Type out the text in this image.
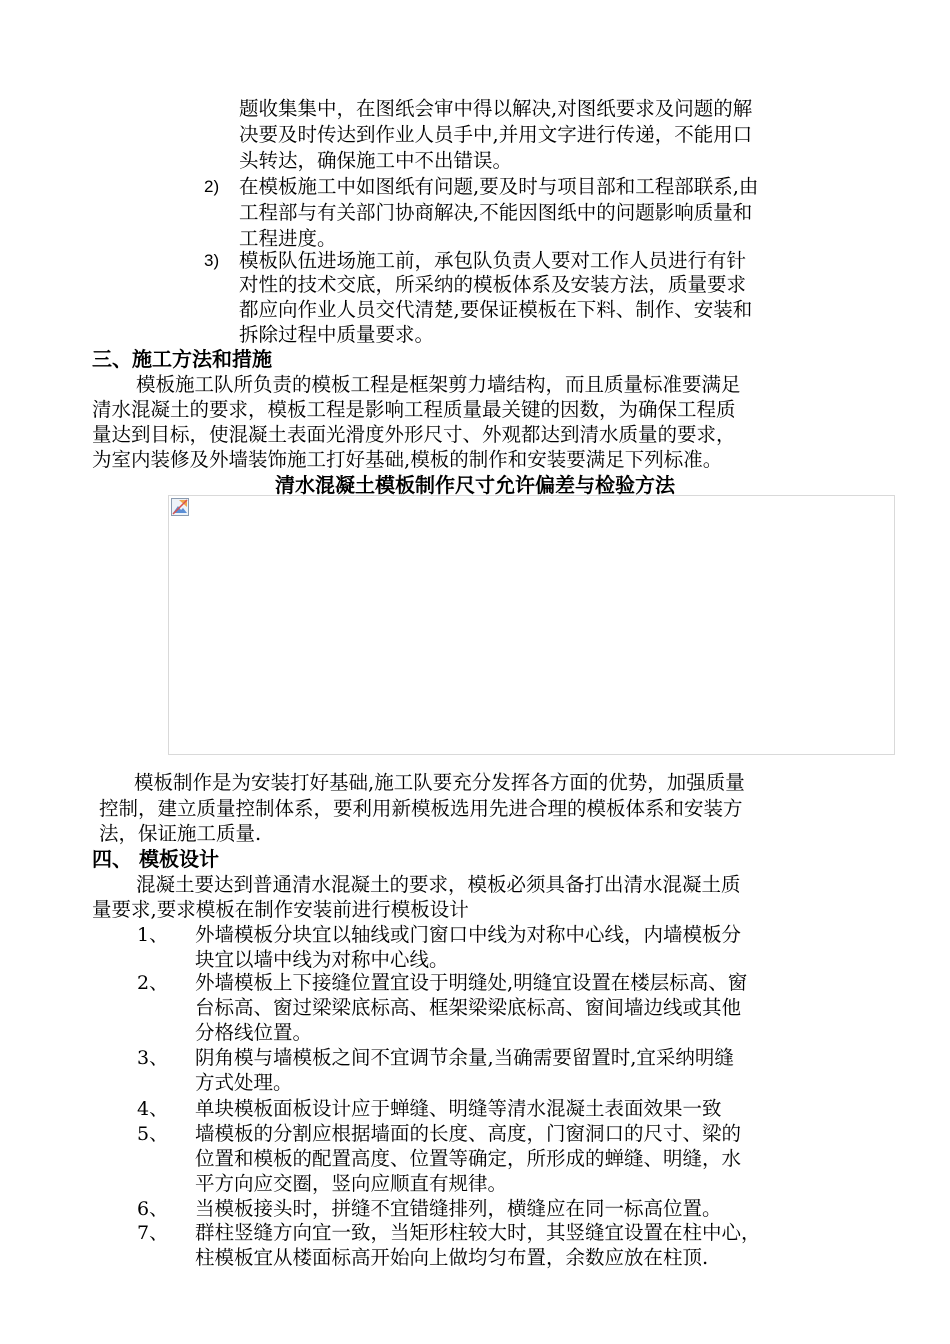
题收集集中，在图纸会审中得以解决,对图纸要求及问题的解
决要及时传达到作业人员手中,并用文字进行传递，不能用口
头转达，确保施工中不出错误。
2) 在模板施工中如图纸有问题,要及时与项目部和工程部联系,由
工程部与有关部门协商解决,不能因图纸中的问题影响质量和
工程进度。
3) 模板队伍进场施工前，承包队负责人要对工作人员进行有针
对性的技术交底，所采纳的模板体系及安装方法，质量要求
都应向作业人员交代清楚,要保证模板在下料、制作、安装和
拆除过程中质量要求。
三、施工方法和措施
模板施工队所负责的模板工程是框架剪力墙结构，而且质量标准要满足
清水混凝土的要求，模板工程是影响工程质量最关键的因数，为确保工程质
量达到目标，使混凝土表面光滑度外形尺寸、外观都达到清水质量的要求，
为室内装修及外墙装饰施工打好基础,模板的制作和安装要满足下列标准。
清水混凝土模板制作尺寸允许偏差与检验方法
模板制作是为安装打好基础,施工队要充分发挥各方面的优势，加强质量
控制，建立质量控制体系，要利用新模板选用先进合理的模板体系和安装方
法，保证施工质量.
四、 模板设计
混凝土要达到普通清水混凝土的要求，模板必须具备打出清水混凝土质
量要求,要求模板在制作安装前进行模板设计
1、 外墙模板分块宜以轴线或门窗口中线为对称中心线，内墙模板分
块宜以墙中线为对称中心线。
2、 外墙模板上下接缝位置宜设于明缝处,明缝宜设置在楼层标高、窗
台标高、窗过梁梁底标高、框架梁梁底标高、窗间墙边线或其他
分格线位置。
3、 阴角模与墙模板之间不宜调节余量,当确需要留置时,宜采纳明缝
方式处理。
4、 单块模板面板设计应于蝉缝、明缝等清水混凝土表面效果一致
5、 墙模板的分割应根据墙面的长度、高度，门窗洞口的尺寸、梁的
位置和模板的配置高度、位置等确定，所形成的蝉缝、明缝，水
平方向应交圈，竖向应顺直有规律。
6、 当模板接头时，拼缝不宜错缝排列，横缝应在同一标高位置。
7、 群柱竖缝方向宜一致，当矩形柱较大时，其竖缝宜设置在柱中心，
柱模板宜从楼面标高开始向上做均匀布置，余数应放在柱顶.
